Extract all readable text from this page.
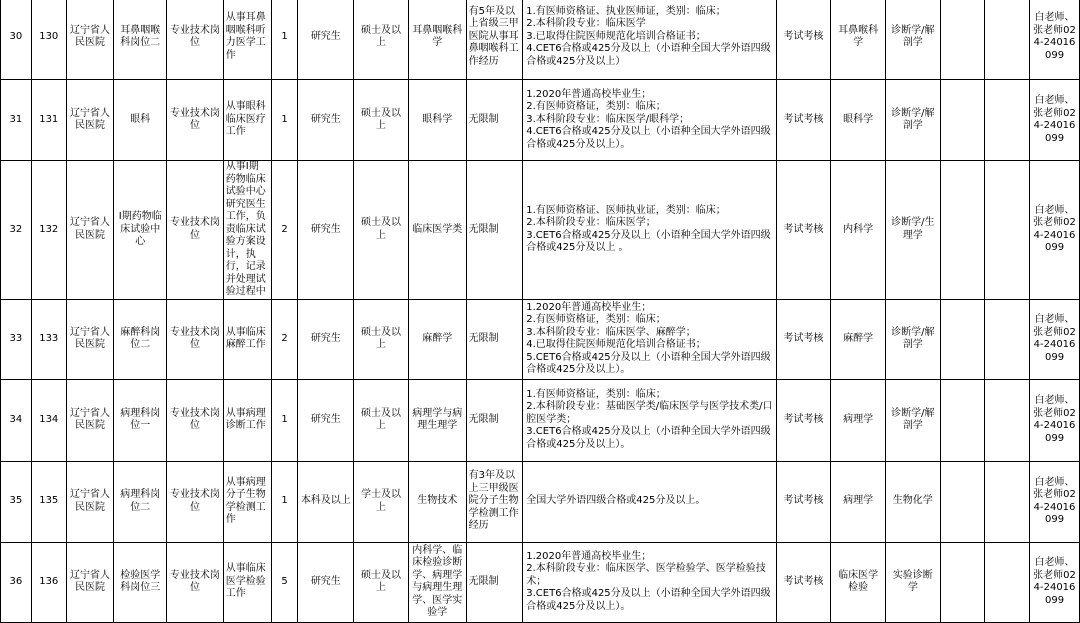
30	130	辽宁省人民医院	耳鼻咽喉科岗位二	专业技术岗位	从事耳鼻咽喉科听力医学工作	1	研究生	硕士及以上	耳鼻咽喉科学	有5年及以上省级三甲医院从事耳鼻咽喉科工作经历	1.有医师资格证、执业医师证，类别：临床；
2.本科阶段专业：临床医学
3.已取得住院医师规范化培训合格证书；
4.CET6合格或425分及以上（小语种全国大学外语四级合格或425分及以上）	考试考核	耳鼻喉科学	诊断学/解剖学			白老师、张老师024-24016099
31	131	辽宁省人民医院	眼科	专业技术岗位	从事眼科临床医疗工作	1	研究生	硕士及以上	眼科学	无限制	1.2020年普通高校毕业生；
2.有医师资格证，类别：临床；
3.本科阶段专业：临床医学/眼科学；
4.CET6合格或425分及以上（小语种全国大学外语四级合格或425分及以上）。	考试考核	眼科学	诊断学/解剖学			白老师、张老师024-24016099
32	132	辽宁省人民医院	I期药物临床试验中心	专业技术岗位	从事I期药物临床试验中心研究医生工作，负责临床试验方案设计，执行，记录并处理试验过程中	2	研究生	硕士及以上	临床医学类	无限制	1.有医师资格证、医师执业证，类别：临床；
2.本科阶段专业：临床医学；
3.CET6合格或425分及以上（小语种全国大学外语四级合格或425分及以上 。	考试考核	内科学	诊断学/生理学			白老师、张老师024-24016099
33	133	辽宁省人民医院	麻醉科岗位二	专业技术岗位	从事临床麻醉工作	2	研究生	硕士及以上	麻醉学	无限制	1.2020年普通高校毕业生；
2.有医师资格证，类别：临床；
3.本科阶段专业：临床医学、麻醉学；
4.已取得住院医师规范化培训合格证书；
5.CET6合格或425分及以上（小语种全国大学外语四级合格或425分及以上）。	考试考核	麻醉学	诊断学/解剖学			白老师、张老师024-24016099
34	134	辽宁省人民医院	病理科岗位一	专业技术岗位	从事病理诊断工作	1	研究生	硕士及以上	病理学与病理生理学	无限制	1.有医师资格证，类别：临床；
2.本科阶段专业：基础医学类/临床医学与医学技术类/口腔医学类；
3.CET6合格或425分及以上（小语种全国大学外语四级合格或425分及以上）。	考试考核	病理学	诊断学/解剖学			白老师、张老师024-24016099
35	135	辽宁省人民医院	病理科岗位二	专业技术岗位	从事病理分子生物学检测工作	1	本科及以上	学士及以上	生物技术	有3年及以上三甲级医院分子生物学检测工作经历	全国大学外语四级合格或425分及以上。	考试考核	病理学	生物化学			白老师、张老师024-24016099
36	136	辽宁省人民医院	检验医学科岗位三	专业技术岗位	从事临床医学检验工作	5	研究生	硕士及以上	内科学、临床检验诊断学、病理学与病理生理学、医学实验学	无限制	1.2020年普通高校毕业生；
2.本科阶段专业：临床医学、医学检验学、医学检验技术；
3.CET6合格或425分及以上（小语种全国大学外语四级合格或425分及以上）。	考试考核	临床医学检验	实验诊断学			白老师、张老师024-24016099
